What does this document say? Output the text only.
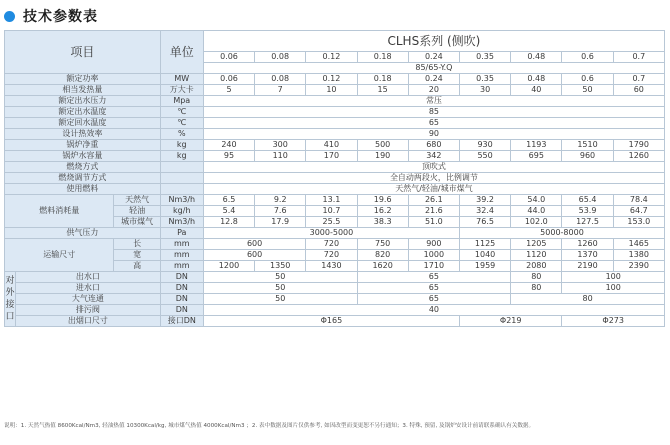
技术参数表
项目			单位	CLHS系列 (侧吹)								
				0.06	0.08	0.12	0.18	0.24	0.35	0.48	0.6	0.7
				85/65-Y.Q								
额定功率			MW	0.06	0.08	0.12	0.18	0.24	0.35	0.48	0.6	0.7
相当发热量			万大卡	5	7	10	15	20	30	40	50	60
额定出水压力			Mpa	常压								
额定出水温度			℃	85								
额定回水温度			℃	65								
设计热效率			%	90								
锅炉净重			kg	240	300	410	500	680	930	1193	1510	1790
锅炉水容量			kg	95	110	170	190	342	550	695	960	1260
燃烧方式				顶吹式								
燃烧调节方式				全自动两段火，比例调节								
使用燃料				天然气/轻油/城市煤气								
燃料消耗量		天然气	Nm3/h	6.5	9.2	13.1	19.6	26.1	39.2	54.0	65.4	78.4
		轻油	kg/h	5.4	7.6	10.7	16.2	21.6	32.4	44.0	53.9	64.7
		城市煤气	Nm3/h	12.8	17.9	25.5	38.3	51.0	76.5	102.0	127.5	153.0
供气压力			Pa	3000-5000					5000-8000			
运输尺寸		长	mm	600		720	750	900	1125	1205	1260	1465
		宽	mm	600		720	820	1000	1040	1120	1370	1380
		高	mm	1200	1350	1430	1620	1710	1959	2080	2190	2390
对外接口	出水口		DN	50			65			80	100	
	进水口		DN	50			65			80	100	
	大气连通		DN	50			65			80		
	排污阀		DN	40								
	出烟口尺寸		接口DN	Φ165					Φ219		Φ273	
说明：1. 天然气热值 8600Kcal/Nm3, 轻油热值 10300Kcal/kg, 城市煤气热值 4000Kcal/Nm3 ；2. 表中数据及图片仅供参考, 如因改型而变更恕不另行通知；3. 特殊, 预留, 及锅炉安设计前请联系确认有关数据。
